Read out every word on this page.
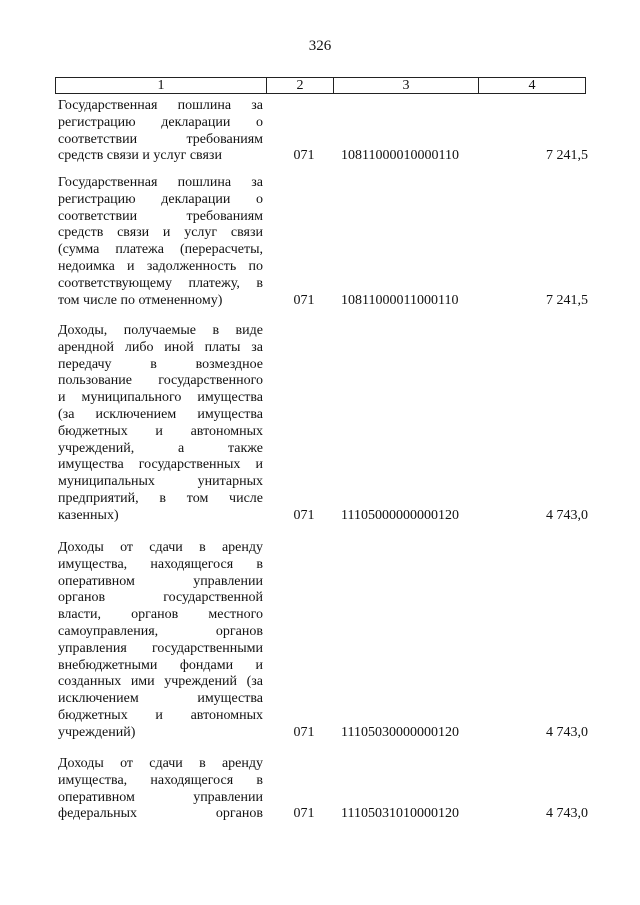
326
1	2	3	4
Государственная пошлина за
регистрацию декларации о
соответствии требованиям
средств связи и услуг связи	071	10811000010000110	7 241,5
Государственная пошлина за
регистрацию декларации о
соответствии требованиям
средств связи и услуг связи
(сумма платежа (перерасчеты,
недоимка и задолженность по
соответствующему платежу, в
том числе по отмененному)	071	10811000011000110	7 241,5
Доходы, получаемые в виде
арендной либо иной платы за
передачу в возмездное
пользование государственного
и муниципального имущества
(за исключением имущества
бюджетных и автономных
учреждений, а также
имущества государственных и
муниципальных унитарных
предприятий, в том числе
казенных)	071	11105000000000120	4 743,0
Доходы от сдачи в аренду
имущества, находящегося в
оперативном управлении
органов государственной
власти, органов местного
самоуправления, органов
управления государственными
внебюджетными фондами и
созданных ими учреждений (за
исключением имущества
бюджетных и автономных
учреждений)	071	11105030000000120	4 743,0
Доходы от сдачи в аренду
имущества, находящегося в
оперативном управлении
федеральных органов	071	11105031010000120	4 743,0
